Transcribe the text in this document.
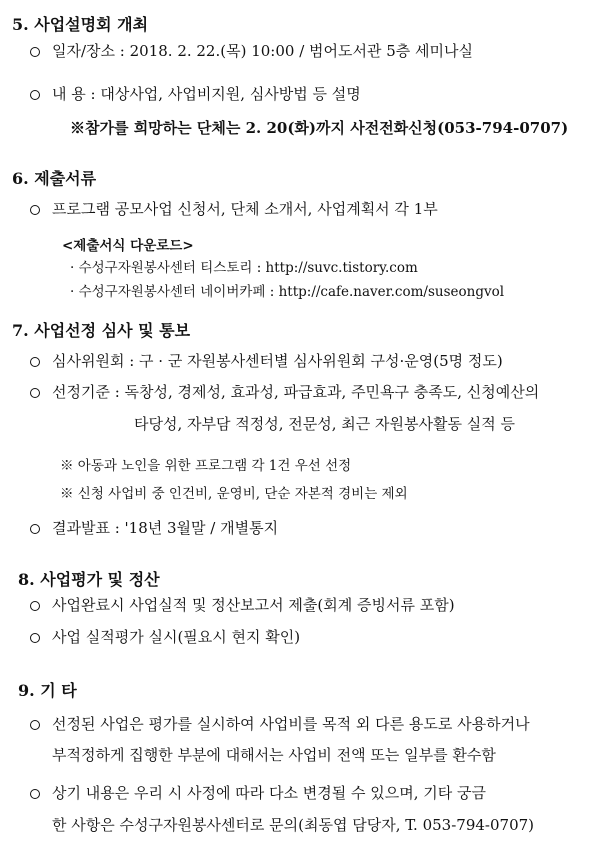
5. 사업설명회 개최
일자/장소 : 2018. 2. 22.(목) 10:00 / 범어도서관 5층 세미나실
내 용 : 대상사업, 사업비지원, 심사방법 등 설명
※참가를 희망하는 단체는 2. 20(화)까지 사전전화신청(053-794-0707)
6. 제출서류
프로그램 공모사업 신청서, 단체 소개서, 사업계획서 각 1부
<제출서식 다운로드>
· 수성구자원봉사센터 티스토리 : http://suvc.tistory.com
· 수성구자원봉사센터 네이버카페 : http://cafe.naver.com/suseongvol
7. 사업선정 심사 및 통보
심사위원회 : 구 · 군 자원봉사센터별 심사위원회 구성·운영(5명 정도)
선정기준 : 독창성, 경제성, 효과성, 파급효과, 주민욕구 충족도, 신청예산의
타당성, 자부담 적정성, 전문성, 최근 자원봉사활동 실적 등
※ 아동과 노인을 위한 프로그램 각 1건 우선 선정
※ 신청 사업비 중 인건비, 운영비, 단순 자본적 경비는 제외
결과발표 : '18년 3월말 / 개별통지
8. 사업평가 및 정산
사업완료시 사업실적 및 정산보고서 제출(회계 증빙서류 포함)
사업 실적평가 실시(필요시 현지 확인)
9. 기 타
선정된 사업은 평가를 실시하여 사업비를 목적 외 다른 용도로 사용하거나
부적정하게 집행한 부분에 대해서는 사업비 전액 또는 일부를 환수함
상기 내용은 우리 시 사정에 따라 다소 변경될 수 있으며, 기타 궁금
한 사항은 수성구자원봉사센터로 문의(최동엽 담당자, T. 053-794-0707)
